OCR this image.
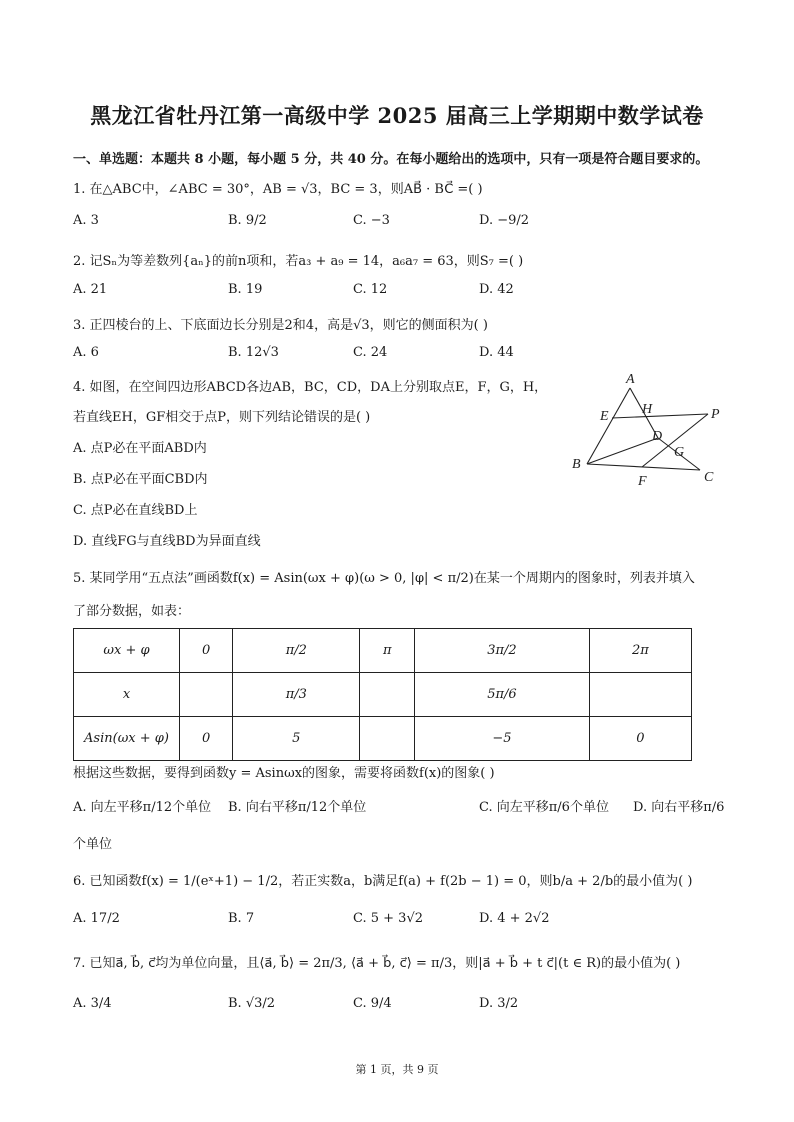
黑龙江省牡丹江第一高级中学 2025 届高三上学期期中数学试卷
一、单选题：本题共 8 小题，每小题 5 分，共 40 分。在每小题给出的选项中，只有一项是符合题目要求的。
1. 在△ABC中，∠ABC = 30°，AB = √3，BC = 3，则AB⃗ · BC⃗ =( )
A. 3	B. 9/2	C. −3	D. −9/2
2. 记Sₙ为等差数列{aₙ}的前n项和，若a₃ + a₉ = 14，a₆a₇ = 63，则S₇ =( )
A. 21	B. 19	C. 12	D. 42
3. 正四棱台的上、下底面边长分别是2和4，高是√3，则它的侧面积为( )
A. 6	B. 12√3	C. 24	D. 44
4. 如图，在空间四边形ABCD各边AB，BC，CD，DA上分别取点E，F，G，H，
若直线EH，GF相交于点P，则下列结论错误的是( )
A. 点P必在平面ABD内
B. 点P必在平面CBD内
C. 点P必在直线BD上
D. 直线FG与直线BD为异面直线
A
E H	P
D
G
B
F	C
5. 某同学用“五点法”画函数f(x) = Asin(ωx + φ)(ω > 0, |φ| < π/2)在某一个周期内的图象时，列表并填入
了部分数据，如表：
ωx + φ	0	π/2	π	3π/2	2π
x		π/3		5π/6	
Asin(ωx + φ)	0	5		−5	0
根据这些数据，要得到函数y = Asinωx的图象，需要将函数f(x)的图象( )
A. 向左平移π/12个单位 B. 向右平移π/12个单位	C. 向左平移π/6个单位 D. 向右平移π/6
个单位
6. 已知函数f(x) = 1/(eˣ+1) − 1/2，若正实数a，b满足f(a) + f(2b − 1) = 0，则b/a + 2/b的最小值为( )
A. 17/2	B. 7	C. 5 + 3√2	D. 4 + 2√2
7. 已知a⃗, b⃗, c⃗均为单位向量，且⟨a⃗, b⃗⟩ = 2π/3, ⟨a⃗ + b⃗, c⃗⟩ = π/3，则|a⃗ + b⃗ + t c⃗|(t ∈ R)的最小值为( )
A. 3/4	B. √3/2	C. 9/4	D. 3/2
第 1 页，共 9 页
